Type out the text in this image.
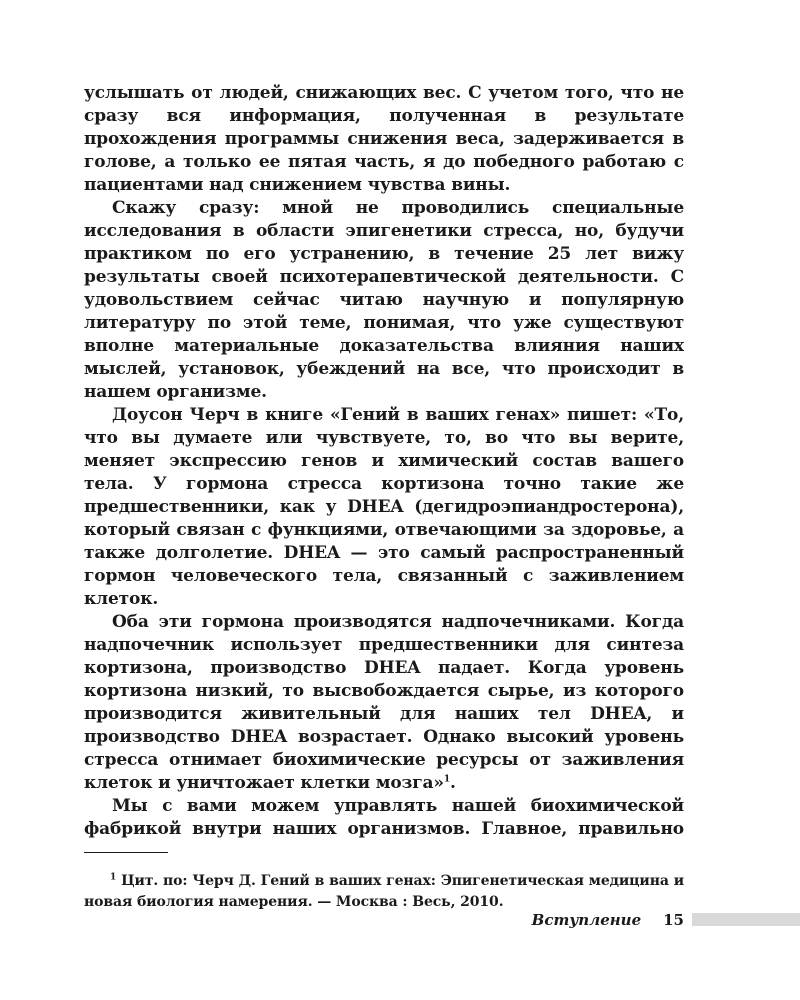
услышать от людей, снижающих вес. С учетом того, что не сразу вся информация, полученная в результате прохождения программы снижения веса, задерживается в голове, а только ее пятая часть, я до победного работаю с пациентами над снижением чувства вины.

Скажу сразу: мной не проводились специальные исследования в области эпигенетики стресса, но, будучи практиком по его устранению, в течение 25 лет вижу результаты своей психотерапевтической деятельности. С удовольствием сейчас читаю научную и популярную литературу по этой теме, понимая, что уже существуют вполне материальные доказательства влияния наших мыслей, установок, убеждений на все, что происходит в нашем организме.

Доусон Черч в книге «Гений в ваших генах» пишет: «То, что вы думаете или чувствуете, то, во что вы верите, меняет экспрессию генов и химический состав вашего тела. У гормона стресса кортизона точно такие же предшественники, как у DHEA (дегидроэпиандростерона), который связан с функциями, отвечающими за здоровье, а также долголетие. DHEA — это самый распространенный гормон человеческого тела, связанный с заживлением клеток.

Оба эти гормона производятся надпочечниками. Когда надпочечник использует предшественники для синтеза кортизона, производство DHEA падает. Когда уровень кортизона низкий, то высвобождается сырье, из которого производится живительный для наших тел DHEA, и производство DHEA возрастает. Однако высокий уровень стресса отнимает биохимические ресурсы от заживления клеток и уничтожает клетки мозга»$^1$.

Мы с вами можем управлять нашей биохимической фабрикой внутри наших организмов. Главное, правильно

$^1$ Цит. по: Черч Д. Гений в ваших генах: Эпигенетическая медицина и новая биология намерения. — Москва : Весь, 2010.

Вступление 15
